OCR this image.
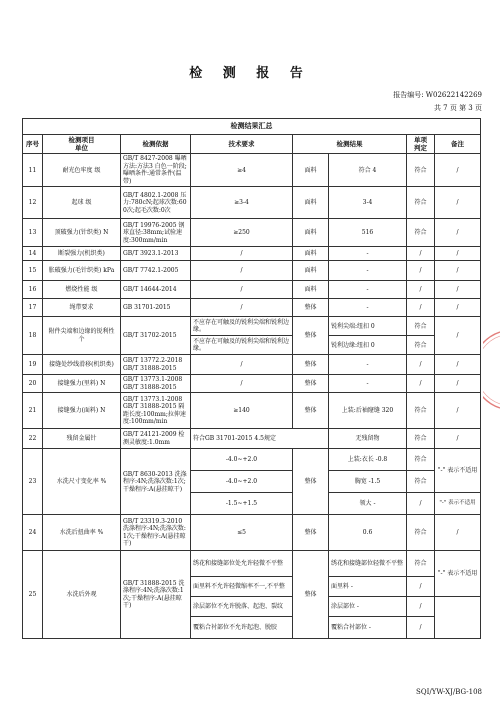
检 测 报 告
报告编号: W02622142269
共 7 页 第 3 页
检测结果汇总							
序号	检测项目
单位	检测依据	技术要求	检测结果		单项
判定	备注
11	耐光色牢度 级	GB/T 8427-2008 曝晒方法:方法3 白色一阶段;曝晒条件:通常条件(温带)	≥4	面料	符合 4	符合	/
12	起球 级	GB/T 4802.1-2008 压力:780cN;起球次数:600次;起毛次数:0次	≥3-4	面料	3-4	符合	/
13	顶破强力(针织类) N	GB/T 19976-2005 钢球直径:38mm;试验速度:300mm/min	≥250	面料	516	符合	/
14	断裂强力(机织类)	GB/T 3923.1-2013	/	面料	-	/	/
15	胀破强力(毛针织类) kPa	GB/T 7742.1-2005	/	面料	-	/	/
16	燃烧性能 级	GB/T 14644-2014	/	面料	-	/	/
17	绳带要求	GB 31701-2015	/	整体	-	/	/
18	附件尖端和边缘的锐利性 个	GB/T 31702-2015	不应存在可触及的锐利尖端和锐利边缘。	整体	锐利尖端:纽扣 0	符合	/
			不应存在可触及的锐利尖端和锐利边缘。		锐利边缘:纽扣 0	符合	
19	接缝处纱线滑移(机织类)	GB/T 13772.2-2018 GB/T 31888-2015	/	整体	-	/	/
20	接缝强力(里料) N	GB/T 13773.1-2008 GB/T 31888-2015	/	整体	-	/	/
21	接缝强力(面料) N	GB/T 13773.1-2008 GB/T 31888-2015 隔距长度:100mm;拉伸速度:100mm/min	≥140	整体	上装:后袖窿缝 320	符合	/
22	残留金属针	GB/T 24121-2009 检测灵敏度:1.0mm	符合GB 31701-2015 4.5规定		无残留物	符合	/
23	水洗尺寸变化率 %	GB/T 8630-2013 洗涤程序:4N;洗涤次数:1次;干燥程序:A(悬挂晾干)	-4.0~+2.0	整体	上装:衣长 -0.8	符合	"-" 表示不适用
			-4.0~+2.0		胸宽 -1.5	符合	
			-1.5~+1.5		领大 -	/	"-" 表示不适用
24	水洗后扭曲率 %	GB/T 23319.3-2010 洗涤程序:4N;洗涤次数:1次;干燥程序:A(悬挂晾干)	≤5	整体	0.6	符合	/
25	水洗后外观	GB/T 31888-2015 洗涤程序:4N;洗涤次数:1次;干燥程序:A(悬挂晾干)	绣花和接缝部位处允许轻微不平整	整体	绣花和接缝部位轻微不平整	符合	"-" 表示不适用
			面里料不允许轻微缩率不一,不平整		面里料 -	/	
			涂层部位不允许脱落、起泡、裂纹		涂层部位 -	/	
			覆粘合衬部位不允许起泡、脱胶		覆粘合衬部位 -	/	
SQI/YW-XJ/BG-108
